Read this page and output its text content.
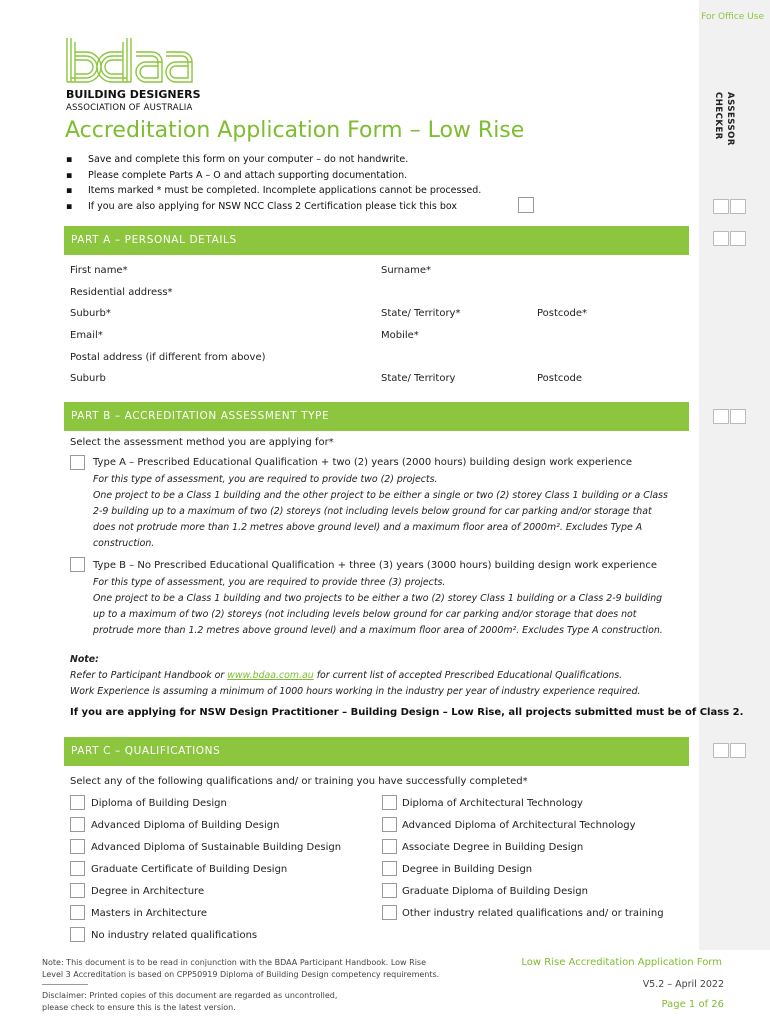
For Office Use
ASSESSOR
CHECKER
BUILDING DESIGNERS
ASSOCIATION OF AUSTRALIA
Accreditation Application Form – Low Rise
▪	Save and complete this form on your computer – do not handwrite.
▪	Please complete Parts A – O and attach supporting documentation.
▪	Items marked * must be completed. Incomplete applications cannot be processed.
▪	If you are also applying for NSW NCC Class 2 Certification please tick this box
PART A – PERSONAL DETAILS
First name*	Surname*
Residential address*
Suburb*	State/ Territory*	Postcode*
Email*	Mobile*
Postal address (if different from above)
Suburb	State/ Territory	Postcode
PART B – ACCREDITATION ASSESSMENT TYPE
Select the assessment method you are applying for*
Type A – Prescribed Educational Qualification + two (2) years (2000 hours) building design work experience
For this type of assessment, you are required to provide two (2) projects.
One project to be a Class 1 building and the other project to be either a single or two (2) storey Class 1 building or a Class
2-9 building up to a maximum of two (2) storeys (not including levels below ground for car parking and/or storage that
does not protrude more than 1.2 metres above ground level) and a maximum floor area of 2000m². Excludes Type A
construction.
Type B – No Prescribed Educational Qualification + three (3) years (3000 hours) building design work experience
For this type of assessment, you are required to provide three (3) projects.
One project to be a Class 1 building and two projects to be either a two (2) storey Class 1 building or a Class 2-9 building
up to a maximum of two (2) storeys (not including levels below ground for car parking and/or storage that does not
protrude more than 1.2 metres above ground level) and a maximum floor area of 2000m². Excludes Type A construction.
Note:
Refer to Participant Handbook or www.bdaa.com.au for current list of accepted Prescribed Educational Qualifications.
Work Experience is assuming a minimum of 1000 hours working in the industry per year of industry experience required.
If you are applying for NSW Design Practitioner – Building Design – Low Rise, all projects submitted must be of Class 2.
PART C – QUALIFICATIONS
Select any of the following qualifications and/ or training you have successfully completed*
Diploma of Building Design
Advanced Diploma of Building Design
Advanced Diploma of Sustainable Building Design
Graduate Certificate of Building Design
Degree in Architecture
Masters in Architecture
No industry related qualifications
Diploma of Architectural Technology
Advanced Diploma of Architectural Technology
Associate Degree in Building Design
Degree in Building Design
Graduate Diploma of Building Design
Other industry related qualifications and/ or training
Note: This document is to be read in conjunction with the BDAA Participant Handbook. Low Rise
Level 3 Accreditation is based on CPP50919 Diploma of Building Design competency requirements.
Disclaimer: Printed copies of this document are regarded as uncontrolled,
please check to ensure this is the latest version.
Low Rise Accreditation Application Form
V5.2 – April 2022
Page 1 of 26
